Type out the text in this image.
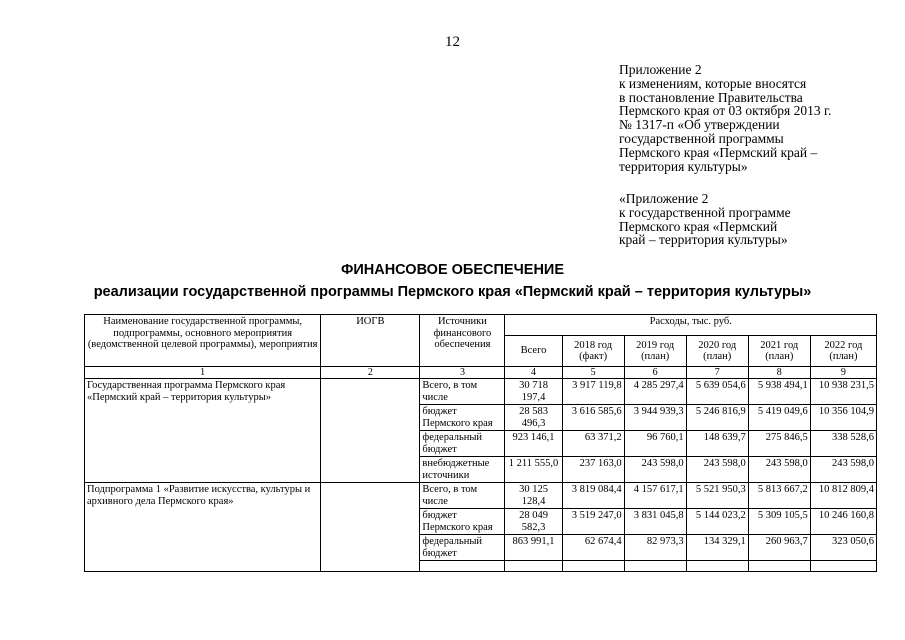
12
Приложение 2
к изменениям, которые вносятся
в постановление Правительства
Пермского края от 03 октября 2013 г.
№ 1317-п «Об утверждении
государственной программы
Пермского края «Пермский край –
территория культуры»
«Приложение 2
к государственной программе
Пермского края «Пермский
край – территория культуры»
ФИНАНСОВОЕ ОБЕСПЕЧЕНИЕ
реализации государственной программы Пермского края «Пермский край – территория культуры»
Наименование государственной программы, подпрограммы, основного мероприятия (ведомственной целевой программы), мероприятия	ИОГВ	Источники финансового обеспечения	Расходы, тыс. руб.					
			Всего	2018 год (факт)	2019 год (план)	2020 год (план)	2021 год (план)	2022 год (план)
1	2	3	4	5	6	7	8	9
Государственная программа Пермского края «Пермский край – территория культуры»		Всего, в том числе	30 718 197,4	3 917 119,8	4 285 297,4	5 639 054,6	5 938 494,1	10 938 231,5
		бюджет Пермского края	28 583 496,3	3 616 585,6	3 944 939,3	5 246 816,9	5 419 049,6	10 356 104,9
		федеральный бюджет	923 146,1	63 371,2	96 760,1	148 639,7	275 846,5	338 528,6
		внебюджетные источники	1 211 555,0	237 163,0	243 598,0	243 598,0	243 598,0	243 598,0
Подпрограмма 1 «Развитие искусства, культуры и архивного дела Пермского края»		Всего, в том числе	30 125 128,4	3 819 084,4	4 157 617,1	5 521 950,3	5 813 667,2	10 812 809,4
		бюджет Пермского края	28 049 582,3	3 519 247,0	3 831 045,8	5 144 023,2	5 309 105,5	10 246 160,8
		федеральный бюджет	863 991,1	62 674,4	82 973,3	134 329,1	260 963,7	323 050,6
